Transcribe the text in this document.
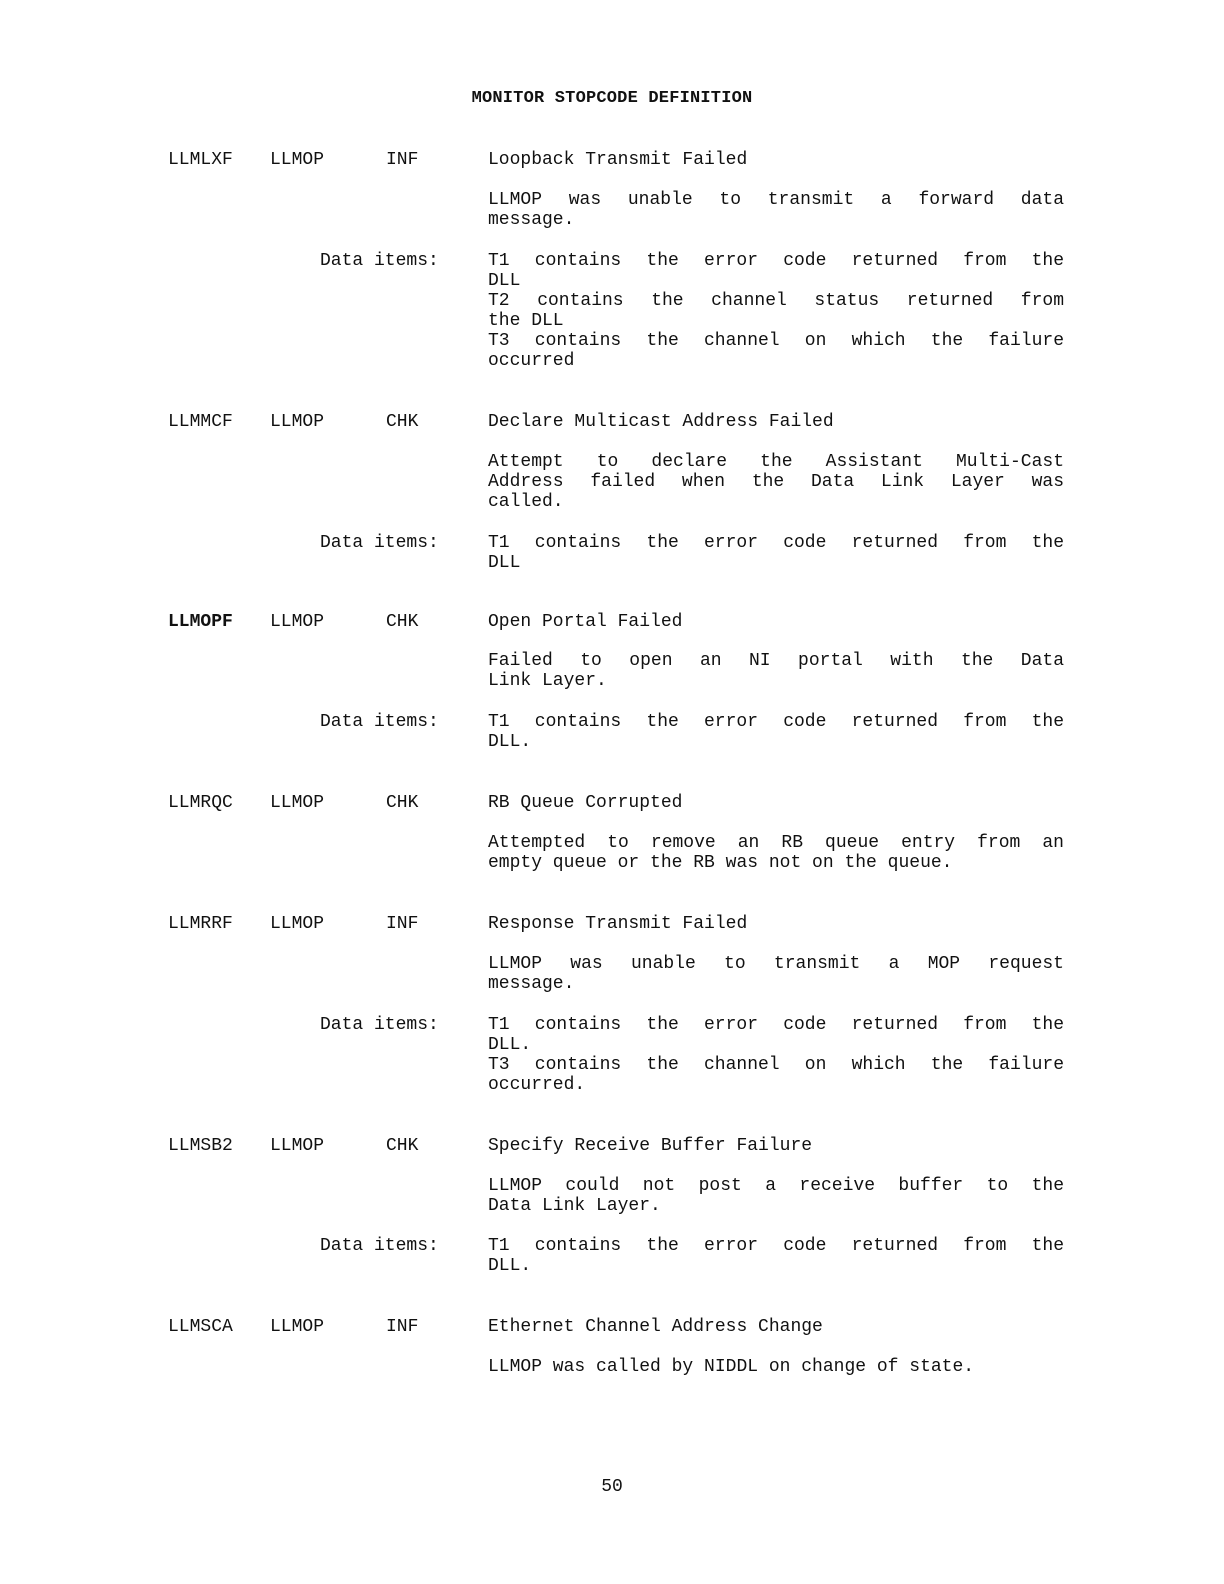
MONITOR STOPCODE DEFINITION
LLMLXF LLMOP	INF	Loopback Transmit Failed
LLMOP was unable to transmit a forward data
message.
Data items:	T1 contains the error code returned from the
DLL
T2 contains the channel status returned from
the DLL
T3 contains the channel on which the failure
occurred
LLMMCF LLMOP	CHK	Declare Multicast Address Failed
Attempt to declare the Assistant Multi-Cast
Address failed when the Data Link Layer was
called.
Data items:	T1 contains the error code returned from the
DLL
LLMOPF LLMOP	CHK	Open Portal Failed
Failed to open an NI portal with the Data
Link Layer.
Data items:	T1 contains the error code returned from the
DLL.
LLMRQC LLMOP	CHK	RB Queue Corrupted
Attempted to remove an RB queue entry from an
empty queue or the RB was not on the queue.
LLMRRF LLMOP	INF	Response Transmit Failed
LLMOP was unable to transmit a MOP request
message.
Data items:	T1 contains the error code returned from the
DLL.
T3 contains the channel on which the failure
occurred.
LLMSB2 LLMOP	CHK	Specify Receive Buffer Failure
LLMOP could not post a receive buffer to the
Data Link Layer.
Data items:	T1 contains the error code returned from the
DLL.
LLMSCA LLMOP	INF	Ethernet Channel Address Change
LLMOP was called by NIDDL on change of state.
50
